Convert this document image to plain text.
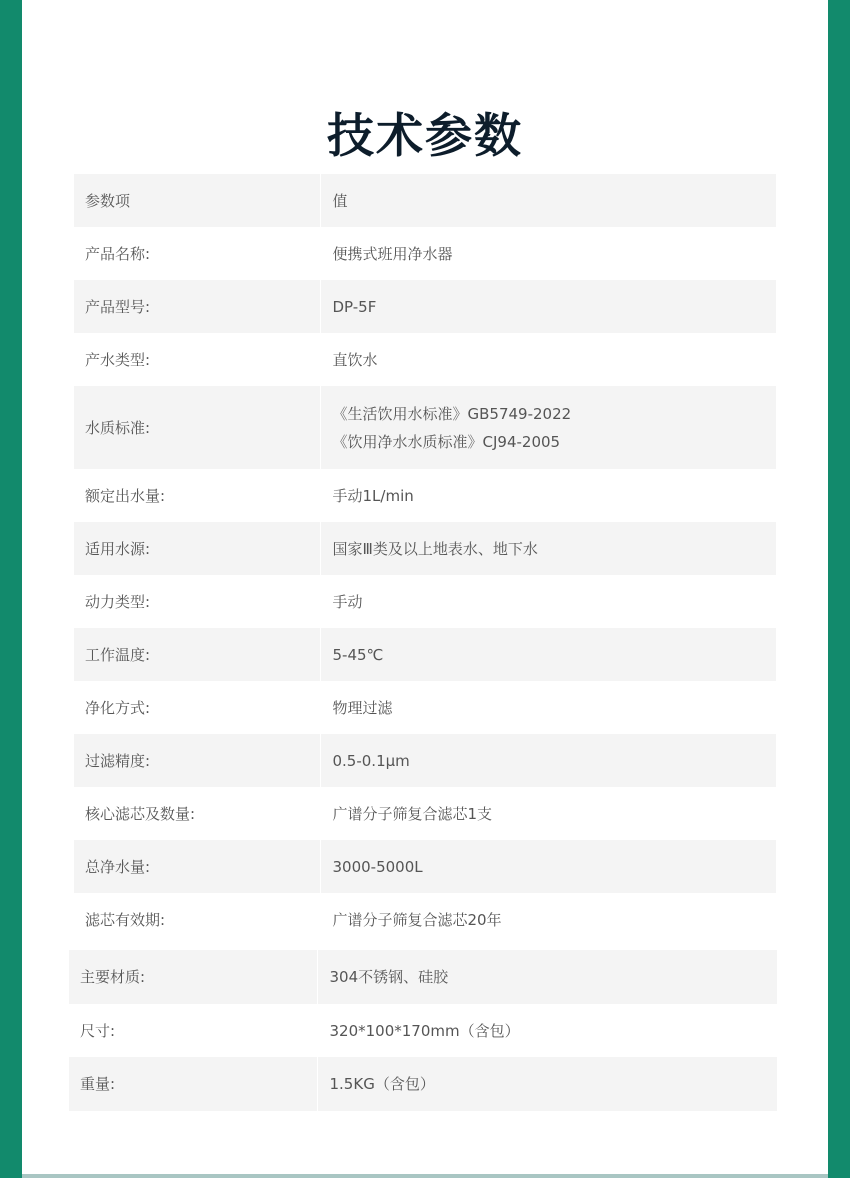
技术参数
参数项	值
产品名称:	便携式班用净水器
产品型号:	DP-5F
产水类型:	直饮水
水质标准:	《生活饮用水标准》GB5749-2022
《饮用净水水质标准》CJ94-2005

额定出水量:	手动1L/min
适用水源:	国家Ⅲ类及以上地表水、地下水
动力类型:	手动
工作温度:	5-45℃
净化方式:	物理过滤
过滤精度:	0.5-0.1μm
核心滤芯及数量:	广谱分子筛复合滤芯1支
总净水量:	3000-5000L
滤芯有效期:	广谱分子筛复合滤芯20年
主要材质:	304不锈钢、硅胶
尺寸:	320*100*170mm（含包）
重量:	1.5KG（含包）
